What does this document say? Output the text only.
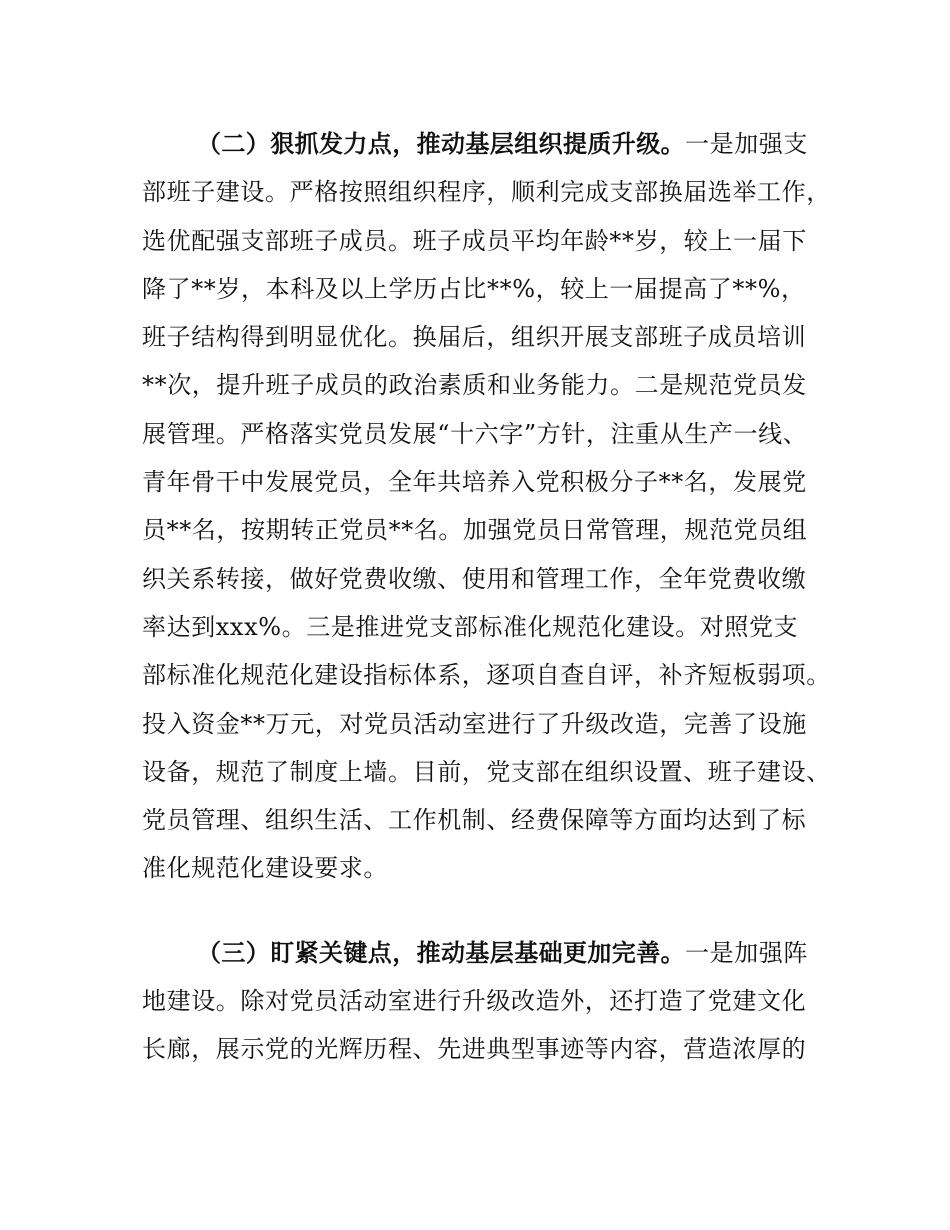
（二）狠抓发力点，推动基层组织提质升级。一是加强支
部班子建设。严格按照组织程序，顺利完成支部换届选举工作，
选优配强支部班子成员。班子成员平均年龄**岁，较上一届下
降了**岁，本科及以上学历占比**%，较上一届提高了**%，
班子结构得到明显优化。换届后，组织开展支部班子成员培训
**次，提升班子成员的政治素质和业务能力。二是规范党员发
展管理。严格落实党员发展“十六字”方针，注重从生产一线、
青年骨干中发展党员，全年共培养入党积极分子**名，发展党
员**名，按期转正党员**名。加强党员日常管理，规范党员组
织关系转接，做好党费收缴、使用和管理工作，全年党费收缴
率达到xxx%。三是推进党支部标准化规范化建设。对照党支
部标准化规范化建设指标体系，逐项自查自评，补齐短板弱项。
投入资金**万元，对党员活动室进行了升级改造，完善了设施
设备，规范了制度上墙。目前，党支部在组织设置、班子建设、
党员管理、组织生活、工作机制、经费保障等方面均达到了标
准化规范化建设要求。

（三）盯紧关键点，推动基层基础更加完善。一是加强阵
地建设。除对党员活动室进行升级改造外，还打造了党建文化
长廊，展示党的光辉历程、先进典型事迹等内容，营造浓厚的
